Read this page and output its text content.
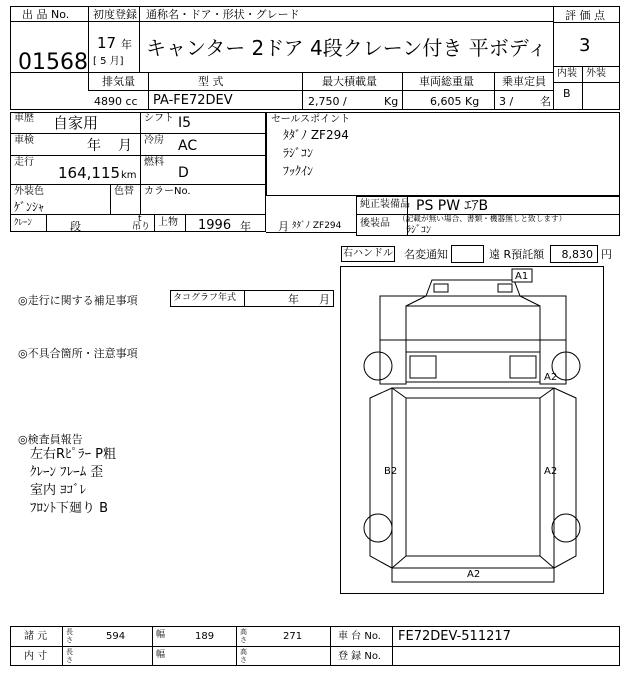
出 品 No.
01568
初度登録 通称名・ドア・形状・グレード
17 年
[ 5 月]
キャンター 2ドア 4段クレーン付き 平ボディ
評 価 点
3
内装 外装
B
排気量	型 式	最大積載量	車両総重量	乗車定員
4890 cc PA-FE72DEV	2,750 /	Kg	6,605 Kg 3 / 名
車歴 自家用	シフト I5
車検	年 月 冷房 AC
走行
164,115 km
燃料
D
外装色
ｹﾞﾝｼｬ
色替 カラーNo.
ｸﾚｰﾝ	段
t
吊り 上物 1996 年 月 ﾀﾀﾞﾉ ZF294
セールスポイント
ﾀﾀﾞﾉ ZF294
ﾗｼﾞｺﾝ
ﾌｯｸｲﾝ
純正装備品 PS PW ｴｱB
後装品 （記載が無い場合、書類・機器無しと致します）
ﾗｼﾞｺﾝ
右ハンドル 名変通知	遠 R預託額	8,830 円
◎走行に関する補足事項	タコグラフ年式	年 月
◎不具合箇所・注意事項
◎検査員報告
左右Rﾋﾟﾗｰ P粗
ｸﾚｰﾝ ﾌﾚｰﾑ 歪
室内 ﾖｺﾞﾚ
ﾌﾛﾝﾄ下廻り B
A1
A2
B2	A2
A2
諸 元	長さ	594	幅	189	高さ	271	車 台 No. FE72DEV-511217
内 寸	長さ	幅	高さ	登 録 No.
